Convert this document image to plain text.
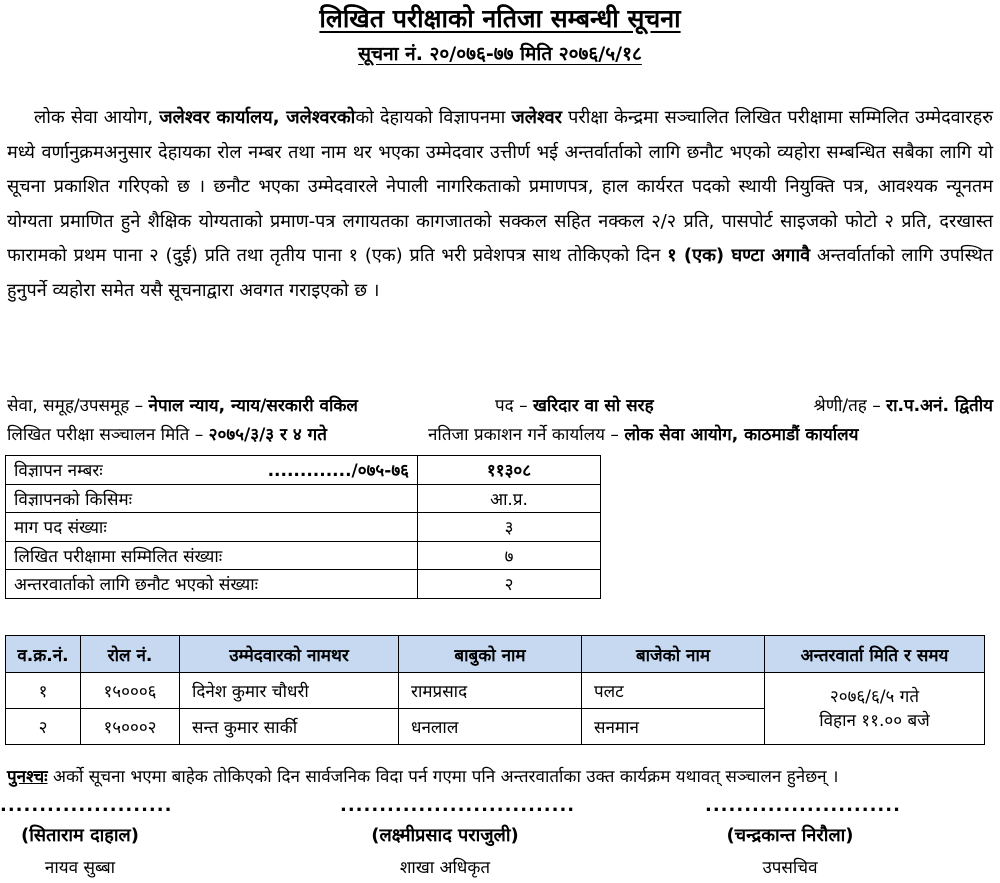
लिखित परीक्षाको नतिजा सम्बन्धी सूचना
सूचना नं. २०/०७६-७७ मिति २०७६/५/१८
लोक सेवा आयोग, जलेश्वर कार्यालय, जलेश्वरकोको देहायको विज्ञापनमा जलेश्वर परीक्षा केन्द्रमा सञ्चालित लिखित परीक्षामा सम्मिलित उम्मेदवारहरु मध्ये वर्णानुक्रमअनुसार देहायका रोल नम्बर तथा नाम थर भएका उम्मेदवार उत्तीर्ण भई अन्तर्वार्ताको लागि छनौट भएको व्यहोरा सम्बन्धित सबैका लागि यो सूचना प्रकाशित गरिएको छ । छनौट भएका उम्मेदवारले नेपाली नागरिकताको प्रमाणपत्र, हाल कार्यरत पदको स्थायी नियुक्ति पत्र, आवश्यक न्यूनतम योग्यता प्रमाणित हुने शैक्षिक योग्यताको प्रमाण-पत्र लगायतका कागजातको सक्कल सहित नक्कल २/२ प्रति, पासपोर्ट साइजको फोटो २ प्रति, दरखास्त फारामको प्रथम पाना २ (दुई) प्रति तथा तृतीय पाना १ (एक) प्रति भरी प्रवेशपत्र साथ तोकिएको दिन १ (एक) घण्टा अगावै अन्तर्वार्ताको लागि उपस्थित हुनुपर्ने व्यहोरा समेत यसै सूचनाद्वारा अवगत गराइएको छ ।
सेवा, समूह/उपसमूह – नेपाल न्याय, न्याय/सरकारी वकिल	पद – खरिदार वा सो सरह	श्रेणी/तह – रा.प.अनं. द्वितीय
लिखित परीक्षा सञ्चालन मिति – २०७५/३/३ र ४ गते	नतिजा प्रकाशन गर्ने कार्यालय – लोक सेवा आयोग, काठमाडौं कार्यालय
विज्ञापन नम्बरः ............./०७५-७६	११३०८
विज्ञापनको किसिमः	आ.प्र.
माग पद संख्याः	३
लिखित परीक्षामा सम्मिलित संख्याः	७
अन्तरवार्ताको लागि छनौट भएको संख्याः	२
व.क्र.नं.	रोल नं.	उम्मेदवारको नामथर	बाबुको नाम	बाजेको नाम	अन्तरवार्ता मिति र समय
१	१५०००६	दिनेश कुमार चौधरी	रामप्रसाद	पलट	२०७६/६/५ गते
विहान ११.०० बजे

२	१५०००२	सन्त कुमार सार्की	धनलाल	सनमान	
पुनश्चः अर्को सूचना भएमा बाहेक तोकिएको दिन सार्वजनिक विदा पर्न गएमा पनि अन्तरवार्ताका उक्त कार्यक्रम यथावत् सञ्चालन हुनेछन् ।
......................
(सिताराम दाहाल)
नायव सुब्बा
..............................
(लक्ष्मीप्रसाद पराजुली)
शाखा अधिकृत
.........................
(चन्द्रकान्त निरौला)
उपसचिव
